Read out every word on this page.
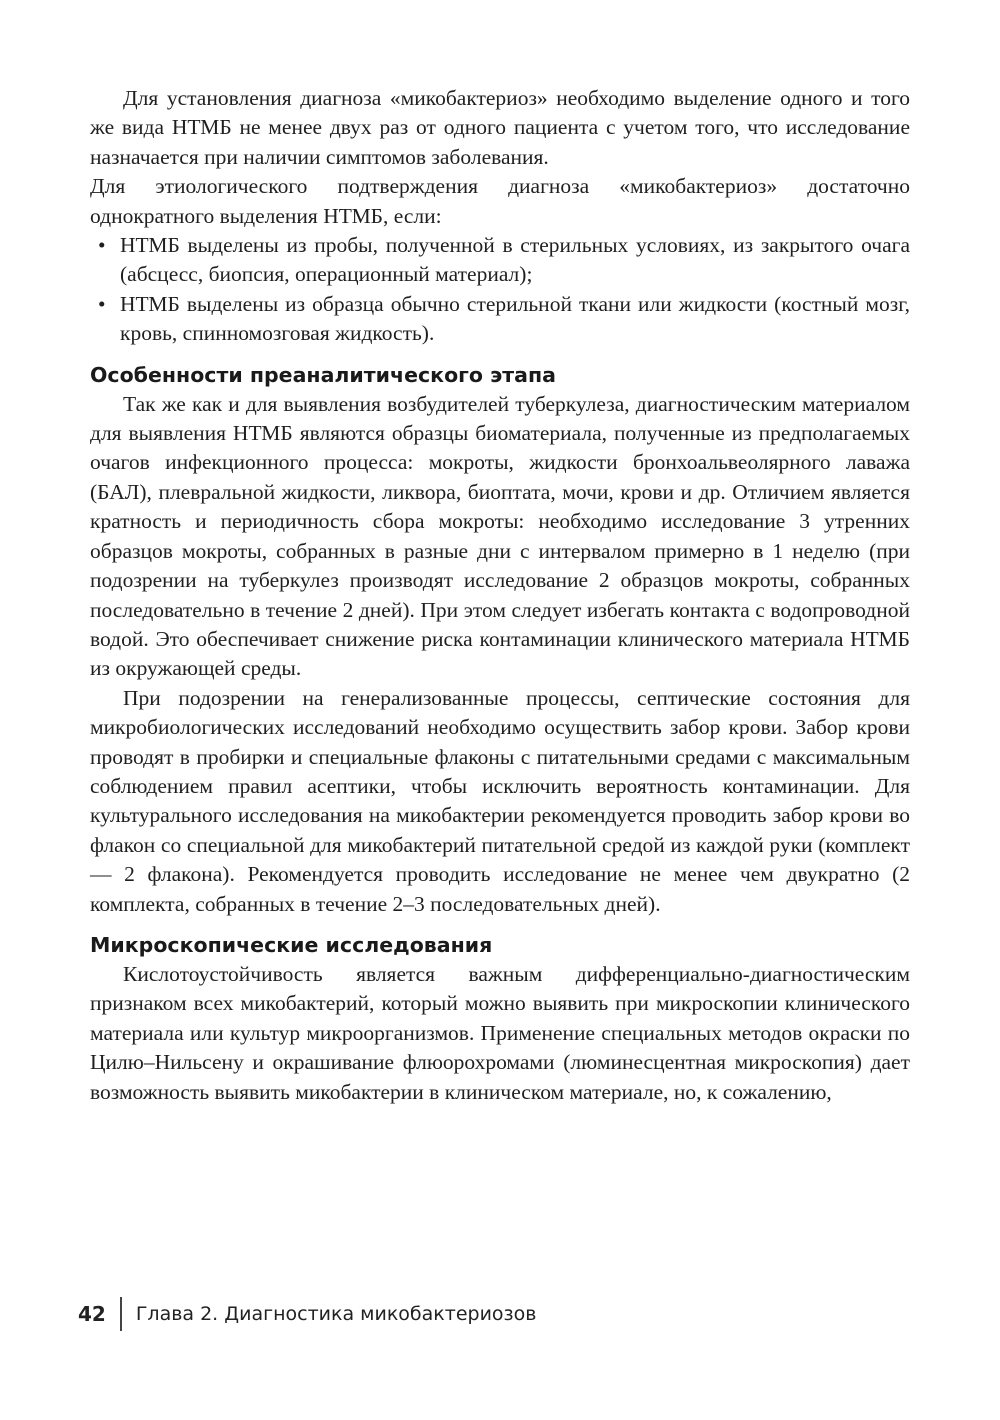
Для установления диагноза «микобактериоз» необходимо выделение одного и того же вида НТМБ не менее двух раз от одного пациента с учетом того, что исследование назначается при наличии симптомов заболевания.

Для этиологического подтверждения диагноза «микобактериоз» достаточно однократного выделения НТМБ, если:

• НТМБ выделены из пробы, полученной в стерильных условиях, из закрытого очага (абсцесс, биопсия, операционный материал);
• НТМБ выделены из образца обычно стерильной ткани или жидкости (костный мозг, кровь, спинномозговая жидкость).
Особенности преаналитического этапа

Так же как и для выявления возбудителей туберкулеза, диагностическим материалом для выявления НТМБ являются образцы биоматериала, полученные из предполагаемых очагов инфекционного процесса: мокроты, жидкости бронхоальвеолярного лаважа (БАЛ), плевральной жидкости, ликвора, биоптата, мочи, крови и др. Отличием является кратность и периодичность сбора мокроты: необходимо исследование 3 утренних образцов мокроты, собранных в разные дни с интервалом примерно в 1 неделю (при подозрении на туберкулез производят исследование 2 образцов мокроты, собранных последовательно в течение 2 дней). При этом следует избегать контакта с водопроводной водой. Это обеспечивает снижение риска контаминации клинического материала НТМБ из окружающей среды.

При подозрении на генерализованные процессы, септические состояния для микробиологических исследований необходимо осуществить забор крови. Забор крови проводят в пробирки и специальные флаконы с питательными средами с максимальным соблюдением правил асептики, чтобы исключить вероятность контаминации. Для культурального исследования на микобактерии рекомендуется проводить забор крови во флакон со специальной для микобактерий питательной средой из каждой руки (комплект — 2 флакона). Рекомендуется проводить исследование не менее чем двукратно (2 комплекта, собранных в течение 2–3 последовательных дней).

Микроскопические исследования

Кислотоустойчивость является важным дифференциально-диагностическим признаком всех микобактерий, который можно выявить при микроскопии клинического материала или культур микроорганизмов. Применение специальных методов окраски по Цилю–Нильсену и окрашивание флюорохромами (люминесцентная микроскопия) дает возможность выявить микобактерии в клиническом материале, но, к сожалению,

42	Глава 2. Диагностика микобактериозов
